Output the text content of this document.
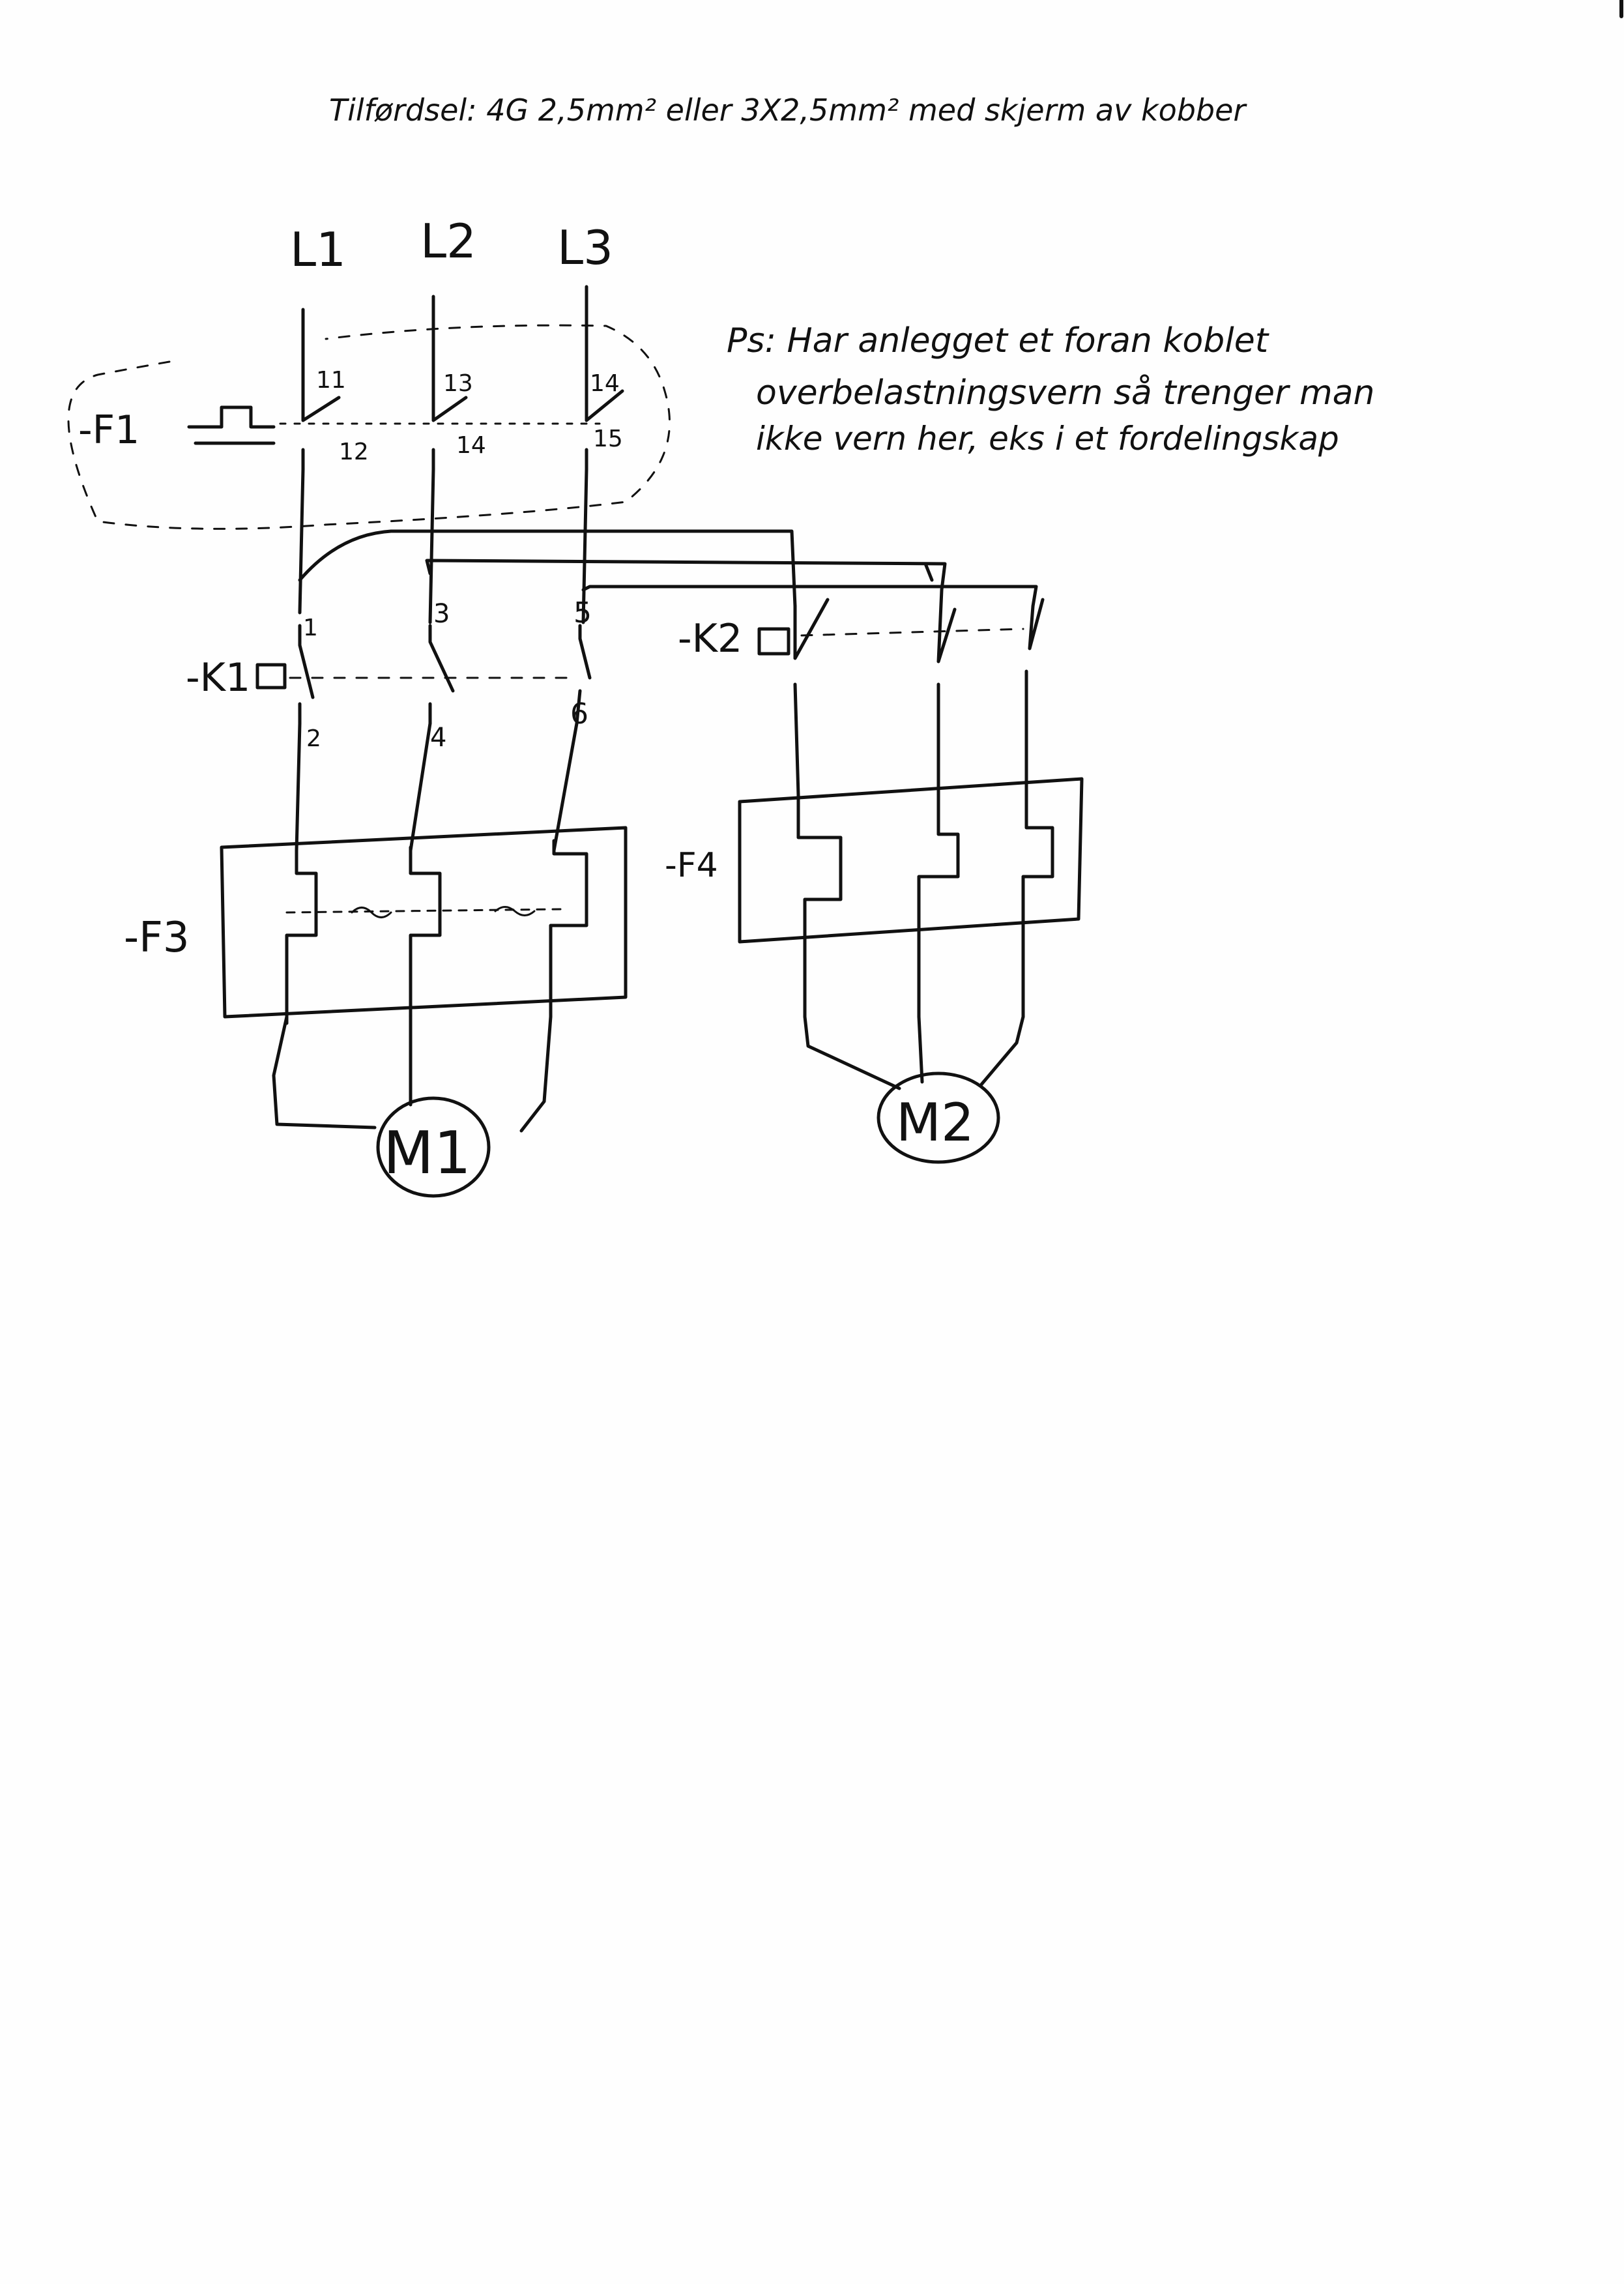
Tilførdsel: 4G 2,5mm² eller 3X2,5mm² med skjerm av kobber
L1 L2 L3
Ps: Har anlegget et foran koblet
overbelastningsvern så trenger man
ikke vern her, eks i et fordelingskap
-F1
11
12
13
14
14
15
-K1
1
2
3
4
5
6
-F3
M1
-K2
-F4
M2
